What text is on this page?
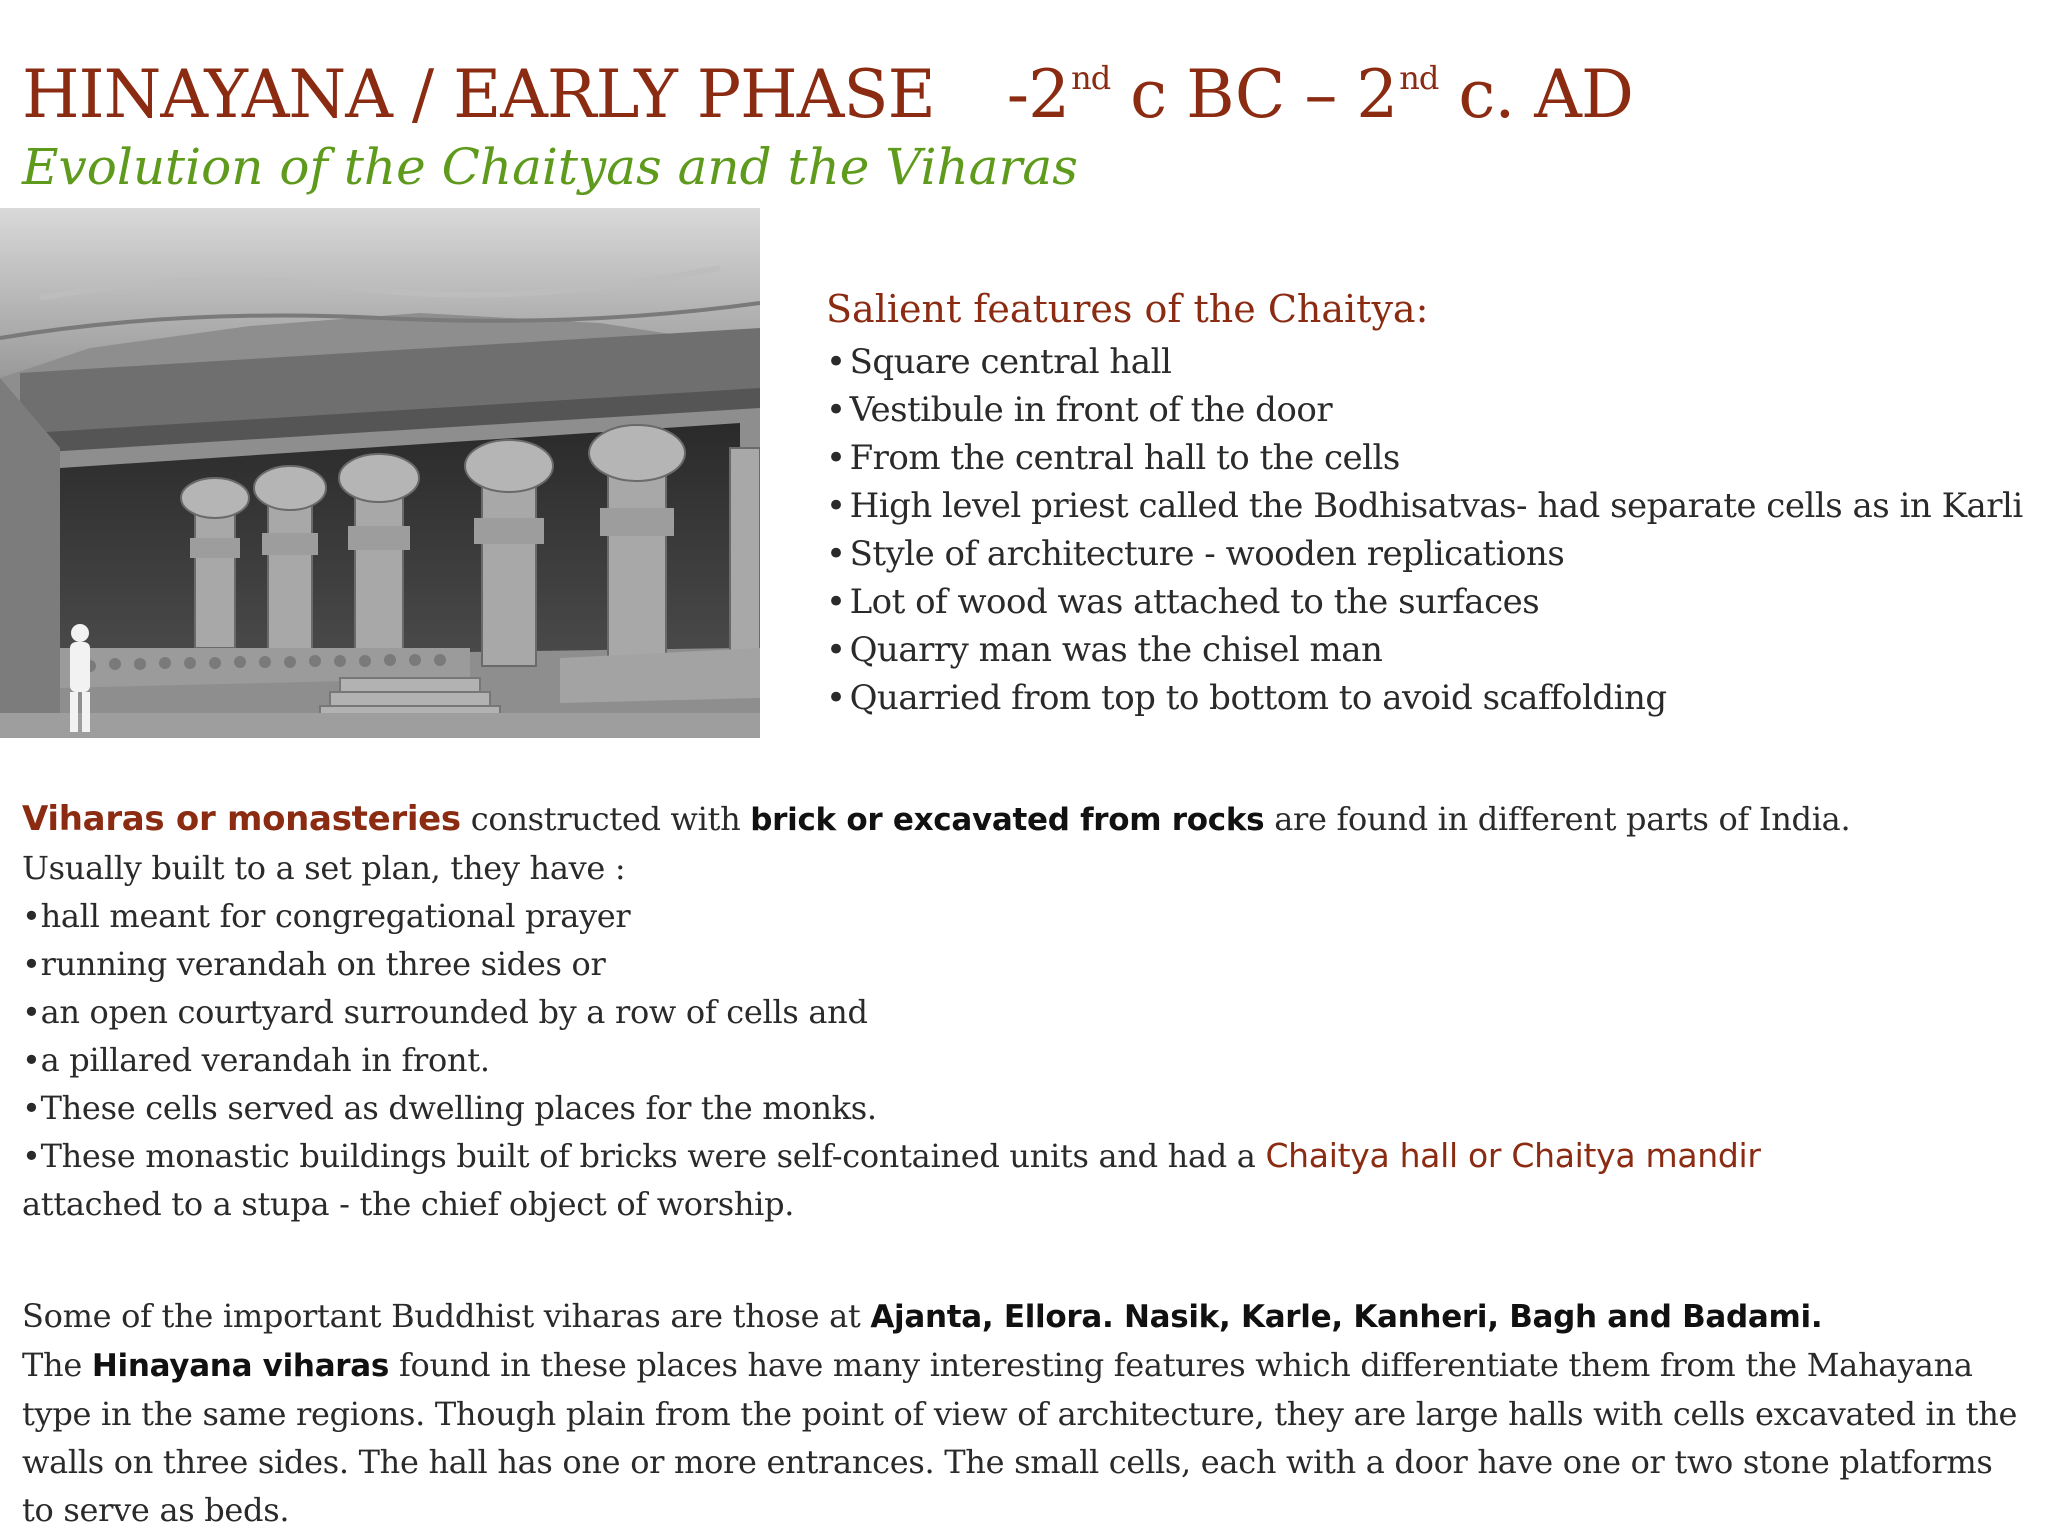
HINAYANA / EARLY PHASE -2nd c BC – 2nd c. AD
Evolution of the Chaityas and the Viharas
Salient features of the Chaitya:
• Square central hall
• Vestibule in front of the door
• From the central hall to the cells
• High level priest called the Bodhisatvas- had separate cells as in Karli
• Style of architecture - wooden replications
• Lot of wood was attached to the surfaces
• Quarry man was the chisel man
• Quarried from top to bottom to avoid scaffolding

Viharas or monasteries constructed with brick or excavated from rocks are found in different parts of India.

Usually built to a set plan, they have :

•hall meant for congregational prayer
•running verandah on three sides or
•an open courtyard surrounded by a row of cells and
•a pillared verandah in front.
•These cells served as dwelling places for the monks.
•These monastic buildings built of bricks were self-contained units and had a Chaitya hall or Chaitya mandir

attached to a stupa - the chief object of worship.

Some of the important Buddhist viharas are those at Ajanta, Ellora. Nasik, Karle, Kanheri, Bagh and Badami.
The Hinayana viharas found in these places have many interesting features which differentiate them from the Mahayana type in the same regions. Though plain from the point of view of architecture, they are large halls with cells excavated in the walls on three sides. The hall has one or more entrances. The small cells, each with a door have one or two stone platforms to serve as beds.
